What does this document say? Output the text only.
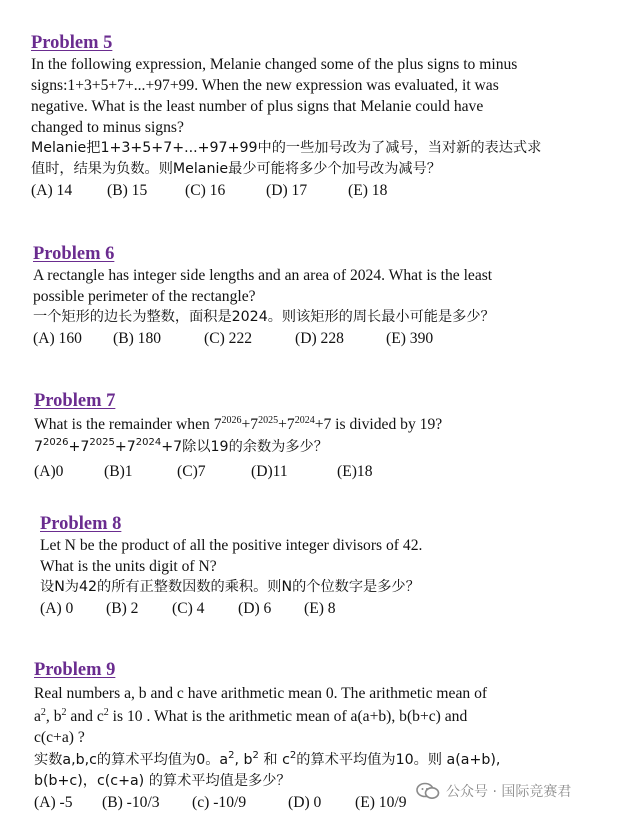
Problem 5
In the following expression, Melanie changed some of the plus signs to minus
signs:1+3+5+7+...+97+99. When the new expression was evaluated, it was
negative. What is the least number of plus signs that Melanie could have
changed to minus signs?
Melanie把1+3+5+7+...+97+99中的一些加号改为了减号，当对新的表达式求
值时，结果为负数。则Melanie最少可能将多少个加号改为减号？
(A) 14 (B) 15 (C) 16	(D) 17	(E) 18
Problem 6
A rectangle has integer side lengths and an area of 2024. What is the least
possible perimeter of the rectangle?
一个矩形的边长为整数，面积是2024。则该矩形的周长最小可能是多少？
(A) 160 (B) 180	(C) 222	(D) 228	(E) 390
Problem 7
What is the remainder when $7^{2026}+7^{2025}+7^{2024}+7$ is divided by 19?
$7^{2026}+7^{2025}+7^{2024}+7$除以19的余数为多少？
(A)0	(B)1	(C)7	(D)11	(E)18
Problem 8
Let N be the product of all the positive integer divisors of 42.
What is the units digit of N?
设N为42的所有正整数因数的乘积。则N的个位数字是多少？
(A) 0 (B) 2 (C) 4 (D) 6 (E) 8
Problem 9
Real numbers a, b and c have arithmetic mean 0. The arithmetic mean of
$a^2$, $b^2$ and $c^2$ is 10 . What is the arithmetic mean of a(a+b), b(b+c) and
c(c+a) ?
实数a,b,c的算术平均值为0。$a^2$, $b^2$ 和 $c^2$的算术平均值为10。则 a(a+b),
b(b+c)，c(c+a) 的算术平均值是多少？
(A) -5 (B) -10/3 (c) -10/9	(D) 0 (E) 10/9
公众号 · 国际竞赛君
